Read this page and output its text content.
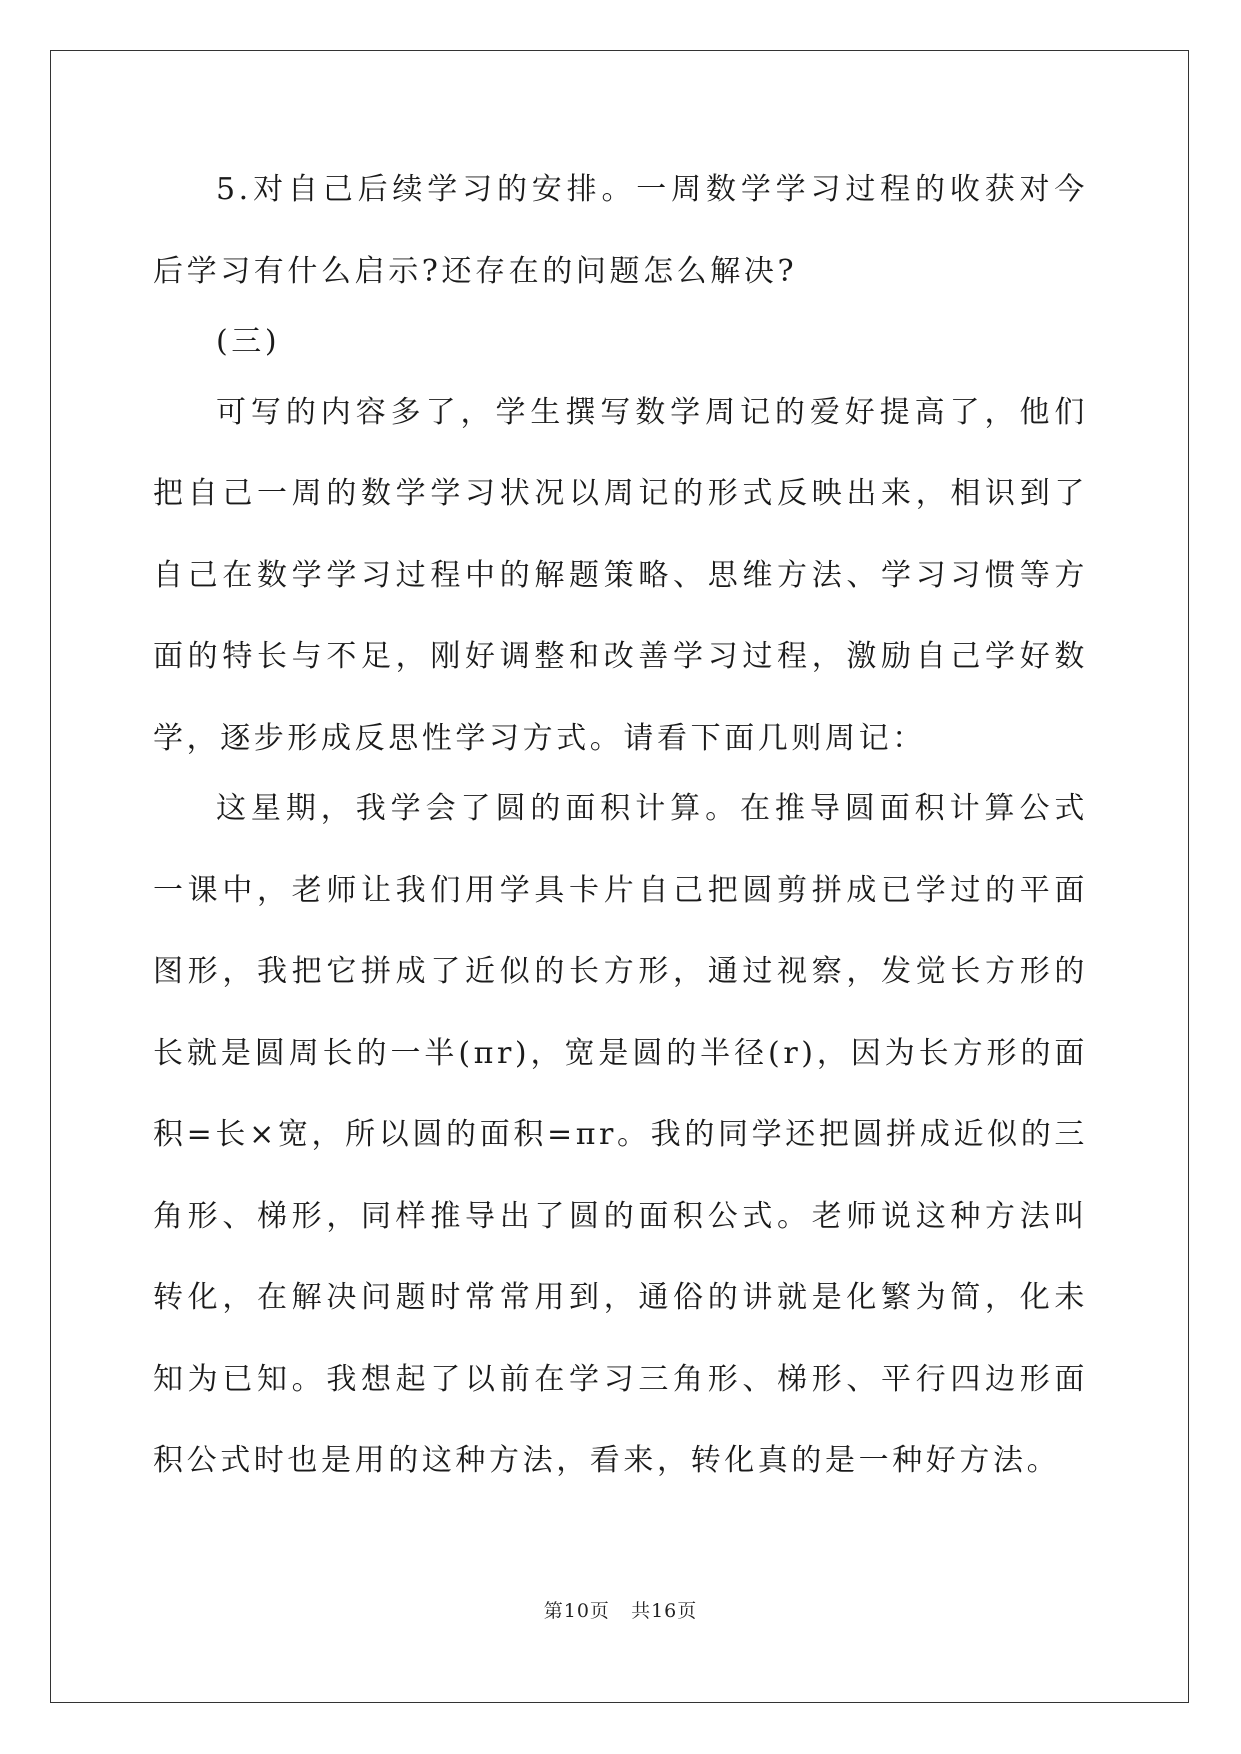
5.对自己后续学习的安排。一周数学学习过程的收获对今后学习有什么启示?还存在的问题怎么解决?

(三)

可写的内容多了，学生撰写数学周记的爱好提高了，他们把自己一周的数学学习状况以周记的形式反映出来，相识到了自己在数学学习过程中的解题策略、思维方法、学习习惯等方面的特长与不足，刚好调整和改善学习过程，激励自己学好数学，逐步形成反思性学习方式。请看下面几则周记：

这星期，我学会了圆的面积计算。在推导圆面积计算公式一课中，老师让我们用学具卡片自己把圆剪拼成已学过的平面图形，我把它拼成了近似的长方形，通过视察，发觉长方形的长就是圆周长的一半(πr)，宽是圆的半径(r)，因为长方形的面积=长×宽，所以圆的面积=πr。我的同学还把圆拼成近似的三角形、梯形，同样推导出了圆的面积公式。老师说这种方法叫转化，在解决问题时常常用到，通俗的讲就是化繁为简，化未知为已知。我想起了以前在学习三角形、梯形、平行四边形面积公式时也是用的这种方法，看来，转化真的是一种好方法。

第10页 共16页
